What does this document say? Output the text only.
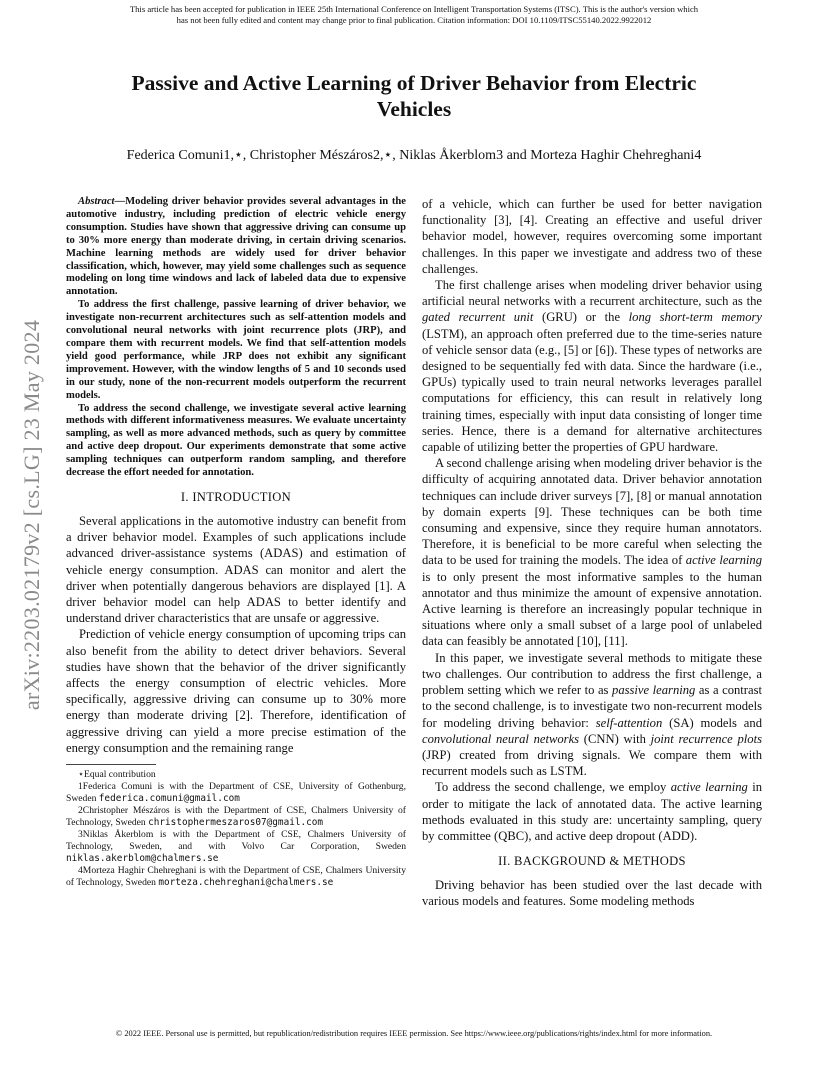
This article has been accepted for publication in IEEE 25th International Conference on Intelligent Transportation Systems (ITSC). This is the author's version which
has not been fully edited and content may change prior to final publication. Citation information: DOI 10.1109/ITSC55140.2022.9922012
Passive and Active Learning of Driver Behavior from Electric
Vehicles
Federica Comuni1,⋆, Christopher Mészáros2,⋆, Niklas Åkerblom3 and Morteza Haghir Chehreghani4
arXiv:2203.02179v2 [cs.LG] 23 May 2024

Abstract—Modeling driver behavior provides several advantages in the automotive industry, including prediction of electric vehicle energy consumption. Studies have shown that aggressive driving can consume up to 30% more energy than moderate driving, in certain driving scenarios. Machine learning methods are widely used for driver behavior classification, which, however, may yield some challenges such as sequence modeling on long time windows and lack of labeled data due to expensive annotation.

To address the first challenge, passive learning of driver behavior, we investigate non-recurrent architectures such as self-attention models and convolutional neural networks with joint recurrence plots (JRP), and compare them with recurrent models. We find that self-attention models yield good performance, while JRP does not exhibit any significant improvement. However, with the window lengths of 5 and 10 seconds used in our study, none of the non-recurrent models outperform the recurrent models.

To address the second challenge, we investigate several active learning methods with different informativeness measures. We evaluate uncertainty sampling, as well as more advanced methods, such as query by committee and active deep dropout. Our experiments demonstrate that some active sampling techniques can outperform random sampling, and therefore decrease the effort needed for annotation.

I. INTRODUCTION

Several applications in the automotive industry can benefit from a driver behavior model. Examples of such applications include advanced driver-assistance systems (ADAS) and estimation of vehicle energy consumption. ADAS can monitor and alert the driver when potentially dangerous behaviors are displayed [1]. A driver behavior model can help ADAS to better identify and understand driver characteristics that are unsafe or aggressive.

Prediction of vehicle energy consumption of upcoming trips can also benefit from the ability to detect driver behaviors. Several studies have shown that the behavior of the driver significantly affects the energy consumption of electric vehicles. More specifically, aggressive driving can consume up to 30% more energy than moderate driving [2]. Therefore, identification of aggressive driving can yield a more precise estimation of the energy consumption and the remaining range

⋆Equal contribution

1Federica Comuni is with the Department of CSE, University of Gothenburg, Sweden federica.comuni@gmail.com

2Christopher Mészáros is with the Department of CSE, Chalmers University of Technology, Sweden christophermeszaros07@gmail.com

3Niklas Åkerblom is with the Department of CSE, Chalmers University of Technology, Sweden, and with Volvo Car Corporation, Sweden niklas.akerblom@chalmers.se

4Morteza Haghir Chehreghani is with the Department of CSE, Chalmers University of Technology, Sweden morteza.chehreghani@chalmers.se

of a vehicle, which can further be used for better navigation functionality [3], [4]. Creating an effective and useful driver behavior model, however, requires overcoming some important challenges. In this paper we investigate and address two of these challenges.

The first challenge arises when modeling driver behavior using artificial neural networks with a recurrent architecture, such as the gated recurrent unit (GRU) or the long short-term memory (LSTM), an approach often preferred due to the time-series nature of vehicle sensor data (e.g., [5] or [6]). These types of networks are designed to be sequentially fed with data. Since the hardware (i.e., GPUs) typically used to train neural networks leverages parallel computations for efficiency, this can result in relatively long training times, especially with input data consisting of longer time series. Hence, there is a demand for alternative architectures capable of utilizing better the properties of GPU hardware.

A second challenge arising when modeling driver behavior is the difficulty of acquiring annotated data. Driver behavior annotation techniques can include driver surveys [7], [8] or manual annotation by domain experts [9]. These techniques can be both time consuming and expensive, since they require human annotators. Therefore, it is beneficial to be more careful when selecting the data to be used for training the models. The idea of active learning is to only present the most informative samples to the human annotator and thus minimize the amount of expensive annotation. Active learning is therefore an increasingly popular technique in situations where only a small subset of a large pool of unlabeled data can feasibly be annotated [10], [11].

In this paper, we investigate several methods to mitigate these two challenges. Our contribution to address the first challenge, a problem setting which we refer to as passive learning as a contrast to the second challenge, is to investigate two non-recurrent models for modeling driving behavior: self-attention (SA) models and convolutional neural networks (CNN) with joint recurrence plots (JRP) created from driving signals. We compare them with recurrent models such as LSTM.

To address the second challenge, we employ active learning in order to mitigate the lack of annotated data. The active learning methods evaluated in this study are: uncertainty sampling, query by committee (QBC), and active deep dropout (ADD).

II. BACKGROUND & METHODS

Driving behavior has been studied over the last decade with various models and features. Some modeling methods

© 2022 IEEE. Personal use is permitted, but republication/redistribution requires IEEE permission. See https://www.ieee.org/publications/rights/index.html for more information.
